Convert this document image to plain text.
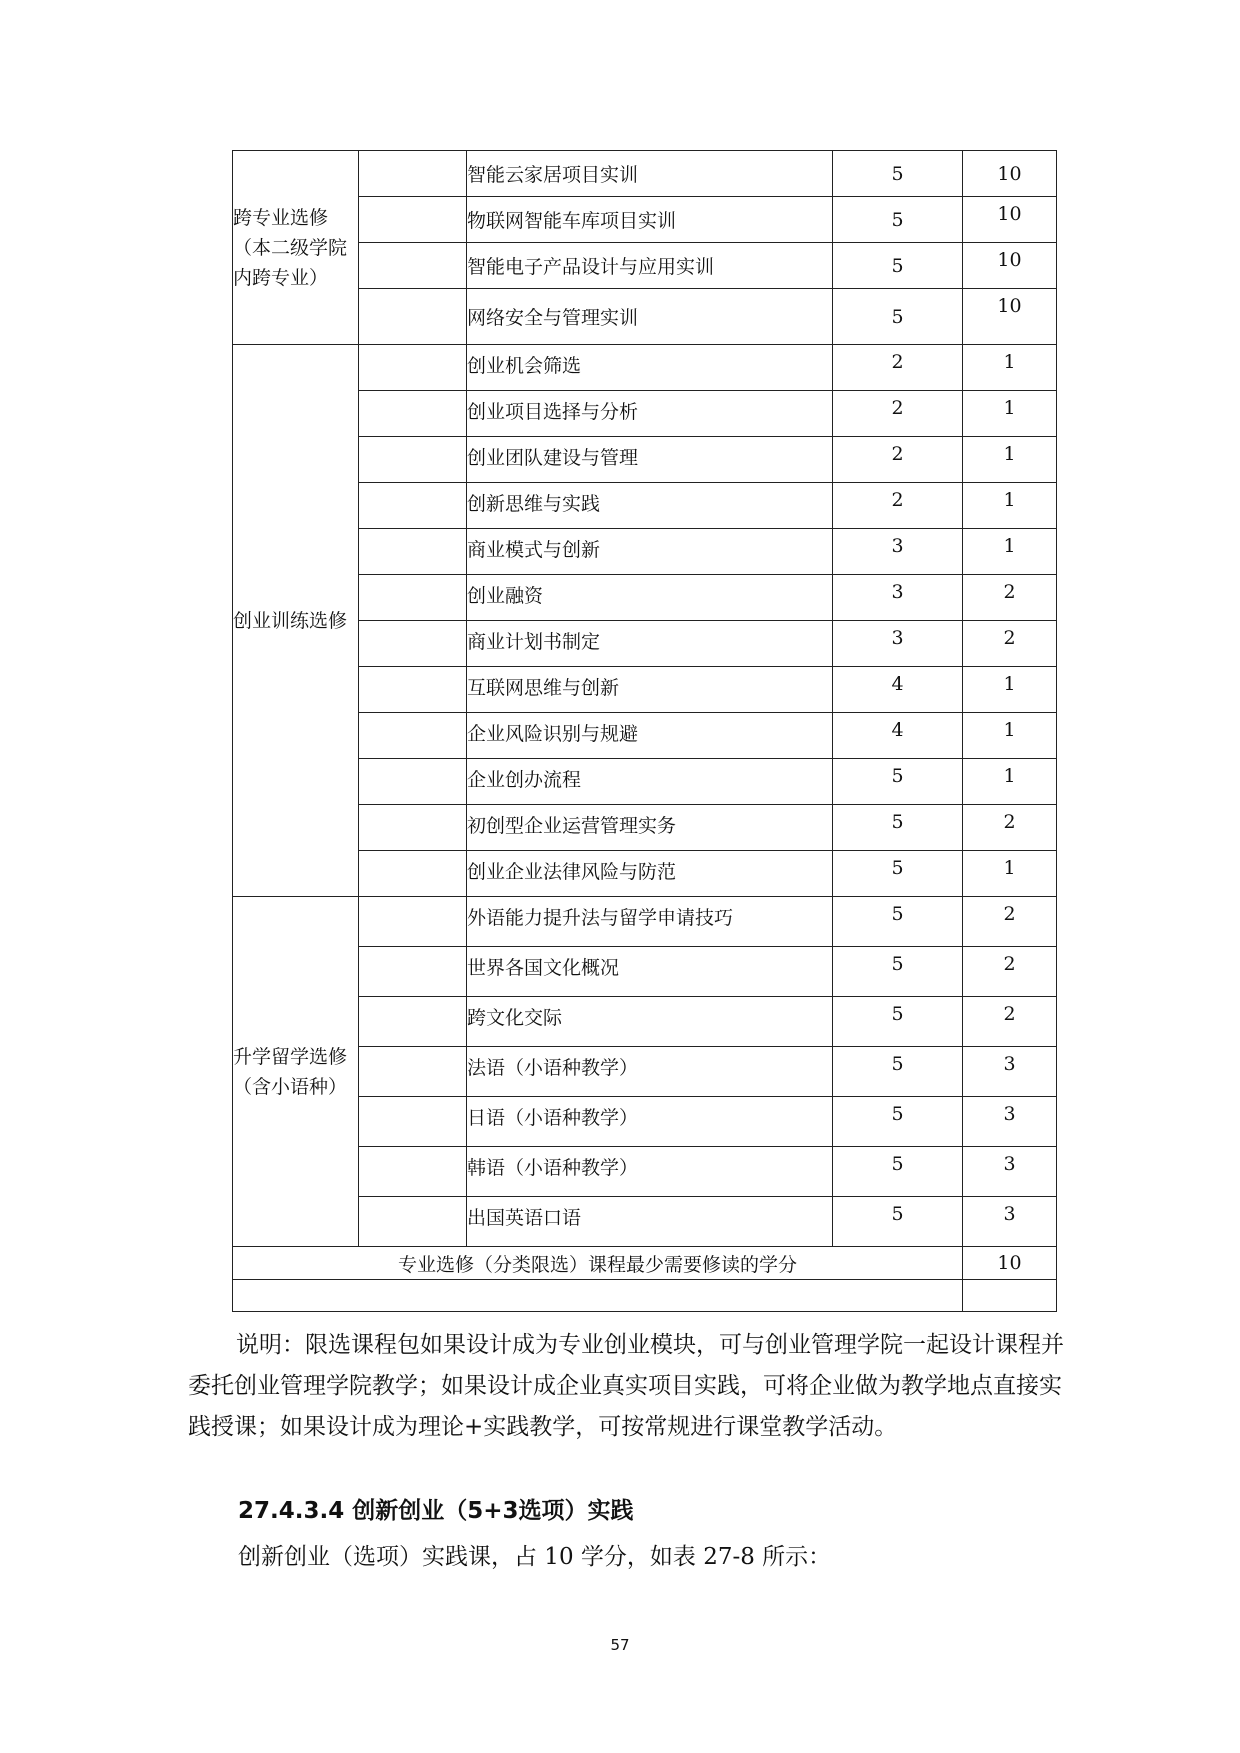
跨专业选修（本二级学院内跨专业）		智能云家居项目实训	5	10
		物联网智能车库项目实训	5	10
		智能电子产品设计与应用实训	5	10
		网络安全与管理实训	5	10
创业训练选修		创业机会筛选	2	1
		创业项目选择与分析	2	1
		创业团队建设与管理	2	1
		创新思维与实践	2	1
		商业模式与创新	3	1
		创业融资	3	2
		商业计划书制定	3	2
		互联网思维与创新	4	1
		企业风险识别与规避	4	1
		企业创办流程	5	1
		初创型企业运营管理实务	5	2
		创业企业法律风险与防范	5	1
升学留学选修（含小语种）		外语能力提升法与留学申请技巧	5	2
		世界各国文化概况	5	2
		跨文化交际	5	2
		法语（小语种教学）	5	3
		日语（小语种教学）	5	3
		韩语（小语种教学）	5	3
		出国英语口语	5	3
专业选修（分类限选）课程最少需要修读的学分				10

说明：限选课程包如果设计成为专业创业模块，可与创业管理学院一起设计课程并委托创业管理学院教学；如果设计成企业真实项目实践，可将企业做为教学地点直接实践授课；如果设计成为理论+实践教学，可按常规进行课堂教学活动。

27.4.3.4 创新创业（5+3选项）实践

创新创业（选项）实践课，占 10 学分，如表 27-8 所示：

57
